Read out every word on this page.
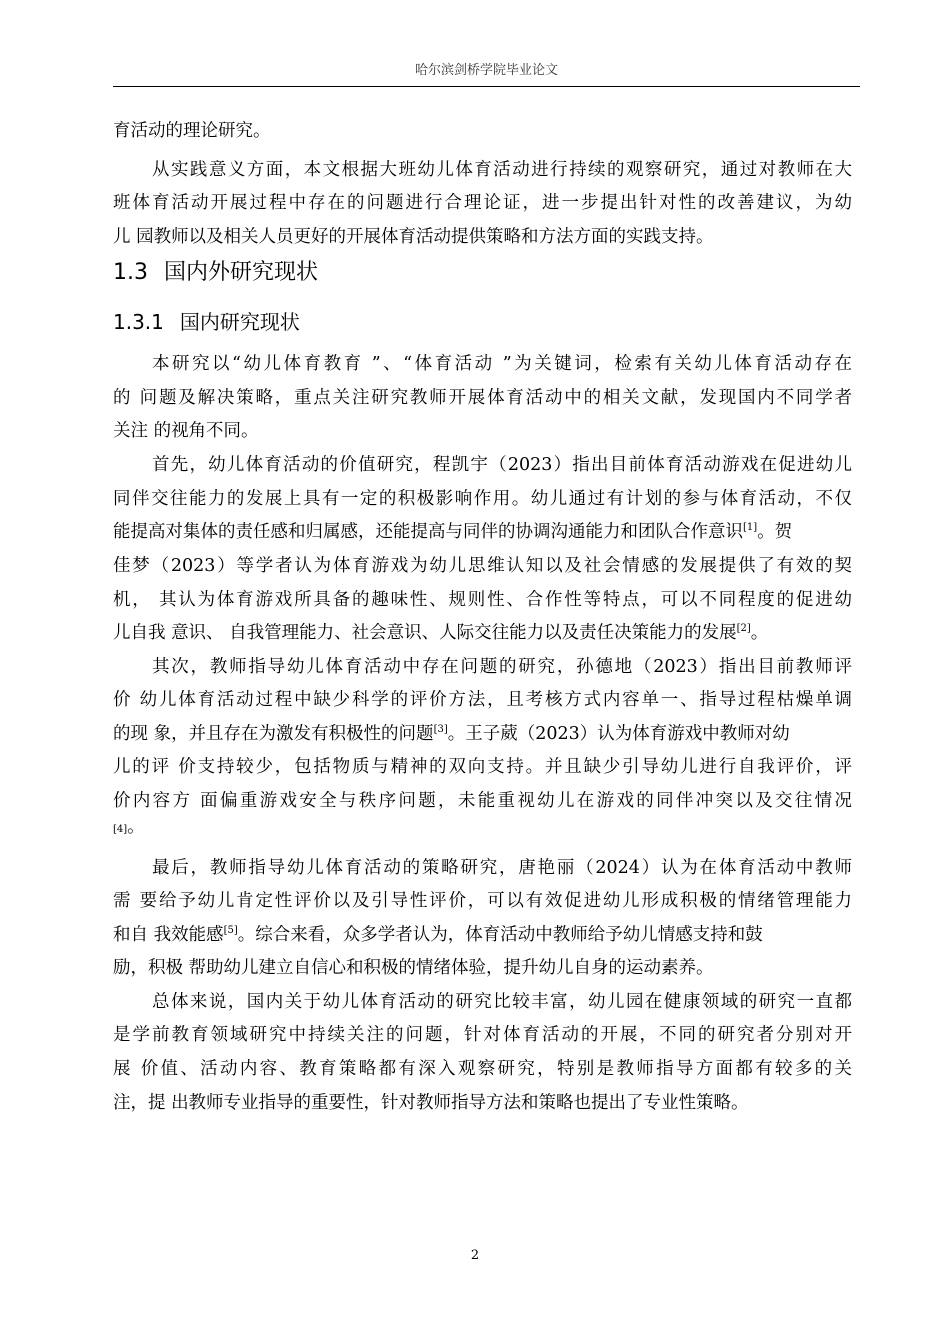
哈尔滨剑桥学院毕业论文
育活动的理论研究。
从实践意义方面，本文根据大班幼儿体育活动进行持续的观察研究，通过对教师在大
班体育活动开展过程中存在的问题进行合理论证，进一步提出针对性的改善建议，为幼
儿 园教师以及相关人员更好的开展体育活动提供策略和方法方面的实践支持。
1.3 国内外研究现状
1.3.1 国内研究现状
本研究以“幼儿体育教育 ”、“体育活动 ”为关键词，检索有关幼儿体育活动存在
的 问题及解决策略，重点关注研究教师开展体育活动中的相关文献，发现国内不同学者
关注 的视角不同。
首先，幼儿体育活动的价值研究，程凯宇（2023）指出目前体育活动游戏在促进幼儿
同伴交往能力的发展上具有一定的积极影响作用。幼儿通过有计划的参与体育活动，不仅
能提高对集体的责任感和归属感，还能提高与同伴的协调沟通能力和团队合作意识[1]。贺
佳梦（2023）等学者认为体育游戏为幼儿思维认知以及社会情感的发展提供了有效的契
机， 其认为体育游戏所具备的趣味性、规则性、合作性等特点，可以不同程度的促进幼
儿自我 意识、 自我管理能力、社会意识、人际交往能力以及责任决策能力的发展[2]。
其次，教师指导幼儿体育活动中存在问题的研究，孙德地（2023）指出目前教师评
价 幼儿体育活动过程中缺少科学的评价方法，且考核方式内容单一、指导过程枯燥单调
的现 象，并且存在为激发有积极性的问题[3]。王子葳（2023）认为体育游戏中教师对幼
儿的评 价支持较少，包括物质与精神的双向支持。并且缺少引导幼儿进行自我评价，评
价内容方 面偏重游戏安全与秩序问题，未能重视幼儿在游戏的同伴冲突以及交往情况
[4]。
最后，教师指导幼儿体育活动的策略研究，唐艳丽（2024）认为在体育活动中教师
需 要给予幼儿肯定性评价以及引导性评价，可以有效促进幼儿形成积极的情绪管理能力
和自 我效能感[5]。综合来看，众多学者认为，体育活动中教师给予幼儿情感支持和鼓
励，积极 帮助幼儿建立自信心和积极的情绪体验，提升幼儿自身的运动素养。
总体来说，国内关于幼儿体育活动的研究比较丰富，幼儿园在健康领域的研究一直都
是学前教育领域研究中持续关注的问题，针对体育活动的开展，不同的研究者分别对开
展 价值、活动内容、教育策略都有深入观察研究，特别是教师指导方面都有较多的关
注，提 出教师专业指导的重要性，针对教师指导方法和策略也提出了专业性策略。
2
